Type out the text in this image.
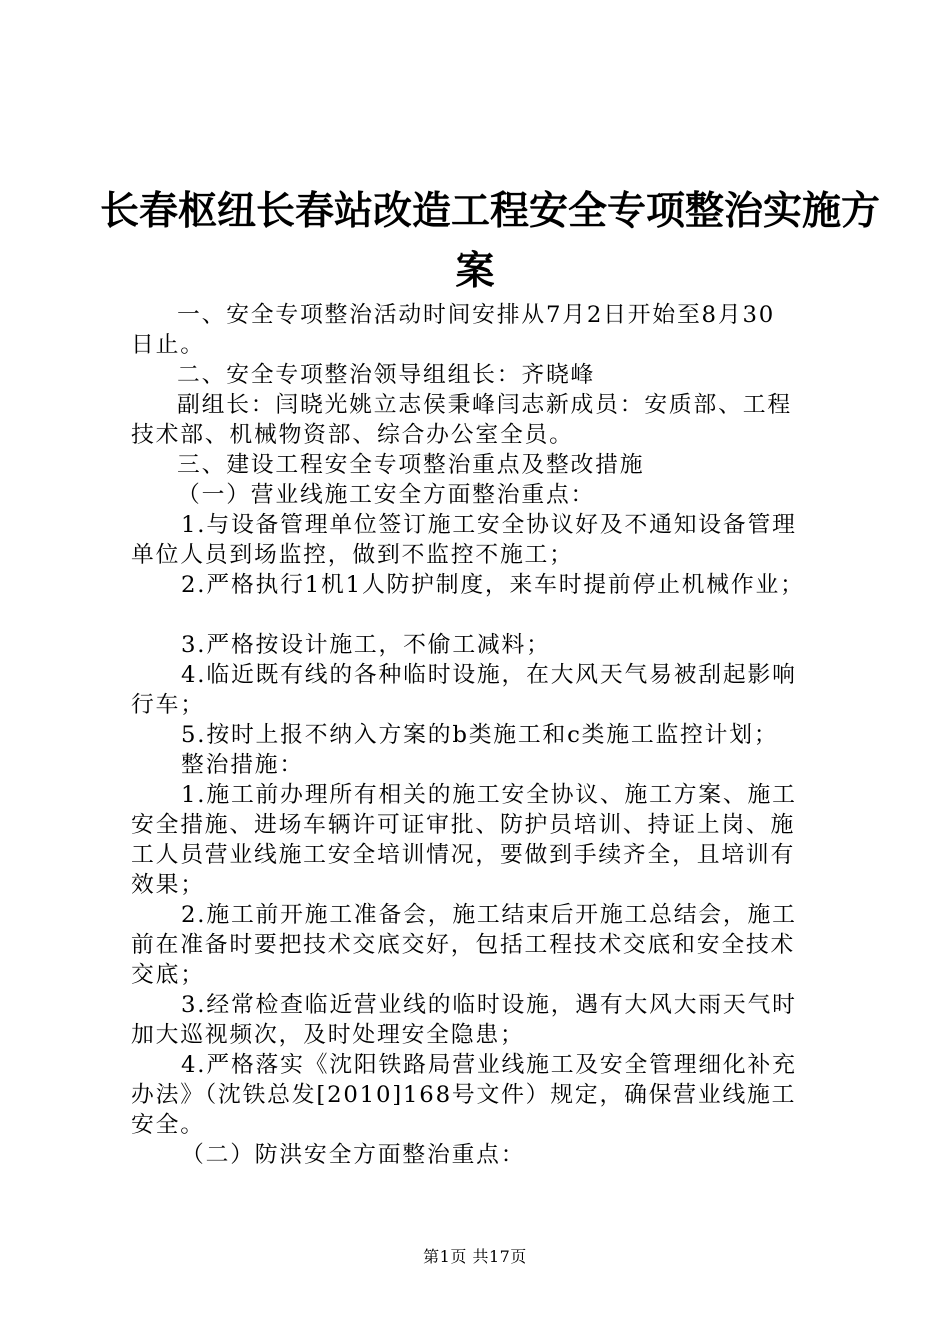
长春枢纽长春站改造工程安全专项整治实施方
案
一、安全专项整治活动时间安排从7月2日开始至8月30
日止。
二、安全专项整治领导组组长：齐晓峰
副组长：闫晓光姚立志侯秉峰闫志新成员：安质部、工程
技术部、机械物资部、综合办公室全员。
三、建设工程安全专项整治重点及整改措施
（一）营业线施工安全方面整治重点：
1.与设备管理单位签订施工安全协议好及不通知设备管理
单位人员到场监控，做到不监控不施工；
2.严格执行1机1人防护制度，来车时提前停止机械作业；
3.严格按设计施工，不偷工减料；
4.临近既有线的各种临时设施，在大风天气易被刮起影响
行车；
5.按时上报不纳入方案的b类施工和c类施工监控计划；
整治措施：
1.施工前办理所有相关的施工安全协议、施工方案、施工
安全措施、进场车辆许可证审批、防护员培训、持证上岗、施
工人员营业线施工安全培训情况，要做到手续齐全，且培训有
效果；
2.施工前开施工准备会，施工结束后开施工总结会，施工
前在准备时要把技术交底交好，包括工程技术交底和安全技术
交底；
3.经常检查临近营业线的临时设施，遇有大风大雨天气时
加大巡视频次，及时处理安全隐患；
4.严格落实《沈阳铁路局营业线施工及安全管理细化补充
办法》（沈铁总发[2010]168号文件）规定，确保营业线施工
安全。
（二）防洪安全方面整治重点：
第1页 共17页
